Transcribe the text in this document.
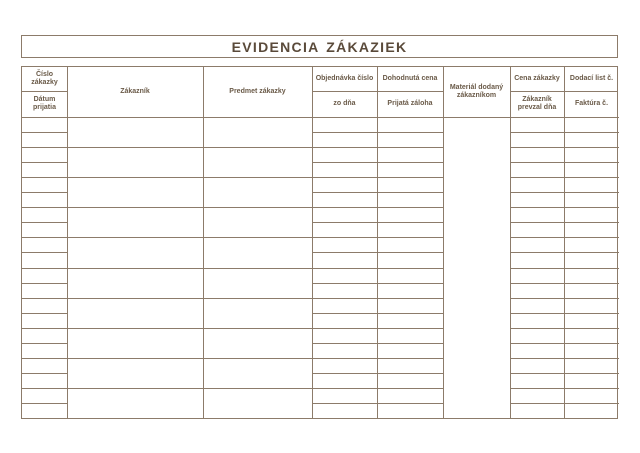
EVIDENCIA ZÁKAZIEK
Číslo zákazky
Dátum prijatia
Zákazník	Predmet zákazky
Objednávka číslo
zo dňa
Dohodnutá cena
Prijatá záloha
Materiál dodaný zákazníkom
Cena zákazky
Zákazník prevzal dňa
Dodací list č.
Faktúra č.
